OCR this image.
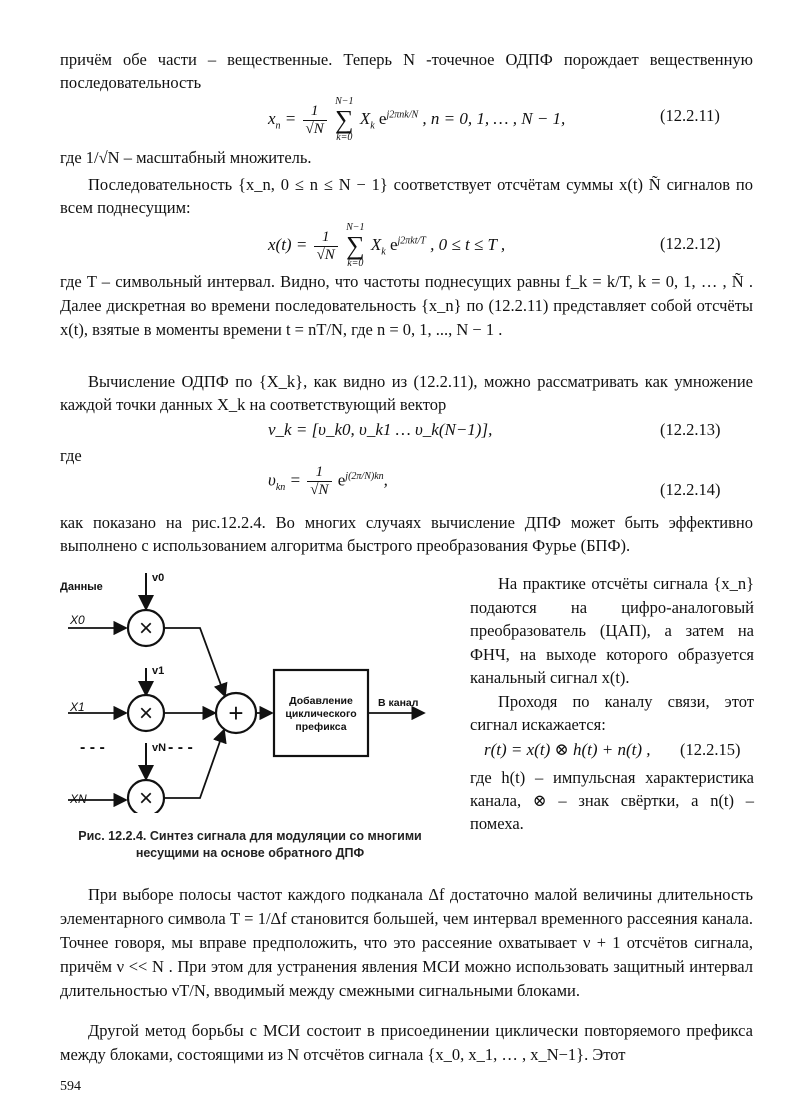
причём обе части – вещественные. Теперь N -точечное ОДПФ порождает вещественную последовательность
$x_n = \frac{1}{√N}$

N−1
∑
k=0
$X_k$ $e^{j2\pi nk/N}$ , n = 0, 1, … , N − 1,	(12.2.11)
где 1/√N – масштабный множитель.
Последовательность {x_n, 0 ≤ n ≤ N − 1} соответствует отсчётам суммы x(t) Ñ сигналов по всем поднесущим:
$x(t) = \frac{1}{√N}$

N−1
∑
k=0
$X_k$ $e^{j2\pi kt/T}$ , 0 ≤ t ≤ T ,	(12.2.12)
где T – символьный интервал. Видно, что частоты поднесущих равны f_k = k/T, k = 0, 1, … , Ñ . Далее дискретная во времени последовательность {x_n} по (12.2.11) представляет собой отсчёты x(t), взятые в моменты времени t = nT/N, где n = 0, 1, ..., N − 1 .
Вычисление ОДПФ по {X_k}, как видно из (12.2.11), можно рассматривать как умножение каждой точки данных X_k на соответствующий вектор
v_k = [υ_k0, υ_k1 … υ_k(N−1)],	(12.2.13)
где
$\upsilon_{kn} = \frac{1}{√N} e^{j(2\pi/N)kn}$,
(12.2.14)
как показано на рис.12.2.4. Во многих случаях вычисление ДПФ может быть эффективно выполнено с использованием алгоритма быстрого преобразования Фурье (БПФ).
Данные
X0
X1
XN
v0
v1
vN
×
×
×
- - -	- - -
+	Добавление
циклического
префикса
В канал
Рис. 12.2.4. Синтез сигнала для модуляции со многими
несущими на основе обратного ДПФ
На практике отсчёты сигнала {x_n} подаются на цифро-аналоговый преобразователь (ЦАП), а затем на ФНЧ, на выходе которого образуется канальный сигнал x(t).
Проходя по каналу связи, этот сигнал искажается:
r(t) = x(t) ⊗ h(t) + n(t) , (12.2.15)
где h(t) – импульсная характеристика канала, ⊗ – знак свёртки, а n(t) – помеха.
При выборе полосы частот каждого подканала Δf достаточно малой величины длительность элементарного символа T = 1/Δf становится большей, чем интервал временного рассеяния канала. Точнее говоря, мы вправе предположить, что это рассеяние охватывает ν + 1 отсчётов сигнала, причём ν << N . При этом для устранения явления МСИ можно использовать защитный интервал длительностью νT/N, вводимый между смежными сигнальными блоками.
Другой метод борьбы с МСИ состоит в присоединении циклически повторяемого префикса между блоками, состоящими из N отсчётов сигнала {x_0, x_1, … , x_N−1}. Этот
594
